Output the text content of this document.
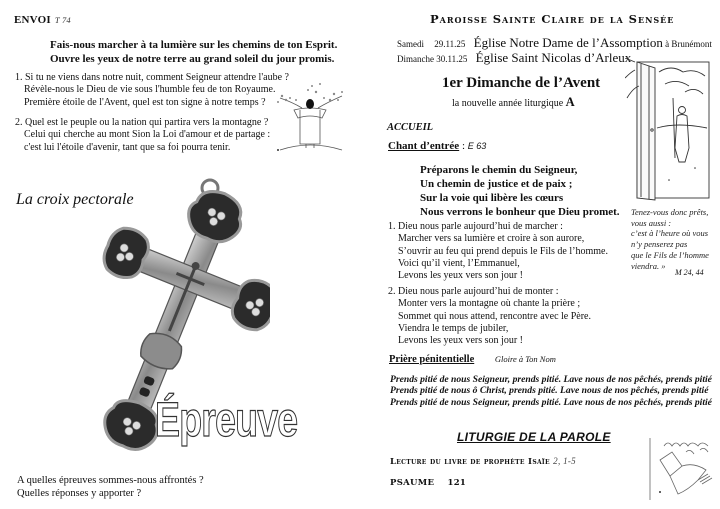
ENVOI T 74
Fais-nous marcher à ta lumière sur les chemins de ton Esprit.
Ouvre les yeux de notre terre au grand soleil du jour promis.
1. Si tu ne viens dans notre nuit, comment Seigneur attendre l'aube ?
Révèle-nous le Dieu de vie sous l'humble feu de ton Royaume.
Première étoile de l'Avent, quel est ton signe à notre temps ?
2. Quel est le peuple ou la nation qui partira vers la montagne ?
Celui qui cherche au mont Sion la Loi d'amour et de partage :
c'est lui l'étoile d'avenir, tant que sa foi pourra tenir.
La croix pectorale
Épreuve
A quelles épreuves sommes-nous affrontés ?
Quelles réponses y apporter ?
Paroisse Sainte Claire de la Sensée
Samedi 29.11.25 Église Notre Dame de l’Assomption à Brunémont
Dimanche 30.11.25 Église Saint Nicolas d’Arleux
1er Dimanche de l’Avent
la nouvelle année liturgique A
ACCUEIL
Chant d’entrée : E 63
Préparons le chemin du Seigneur,
Un chemin de justice et de paix ;
Sur la voie qui libère les cœurs
Nous verrons le bonheur que Dieu promet.
1. Dieu nous parle aujourd’hui de marcher :
Marcher vers sa lumière et croire à son aurore,
S’ouvrir au feu qui prend depuis le Fils de l’homme.
Voici qu’il vient, l’Emmanuel,
Levons les yeux vers son jour !
2. Dieu nous parle aujourd’hui de monter :
Monter vers la montagne où chante la prière ;
Sommet qui nous attend, rencontre avec le Père.
Viendra le temps de jubiler,
Levons les yeux vers son jour !
Tenez-vous donc prêts,
vous aussi :
c’est à l’heure où vous
n’y penserez pas
que le Fils de l’homme
viendra. »
M 24, 44
Prière pénitentielle Gloire à Ton Nom
Prends pitié de nous Seigneur, prends pitié. Lave nous de nos pêchés, prends pitié
Prends pitié de nous ô Christ, prends pitié. Lave nous de nos pêchés, prends pitié
Prends pitié de nous Seigneur, prends pitié. Lave nous de nos pêchés, prends pitié
LITURGIE DE LA PAROLE
Lecture du livre de prophète Isaïe 2, 1-5
PSAUME 121
